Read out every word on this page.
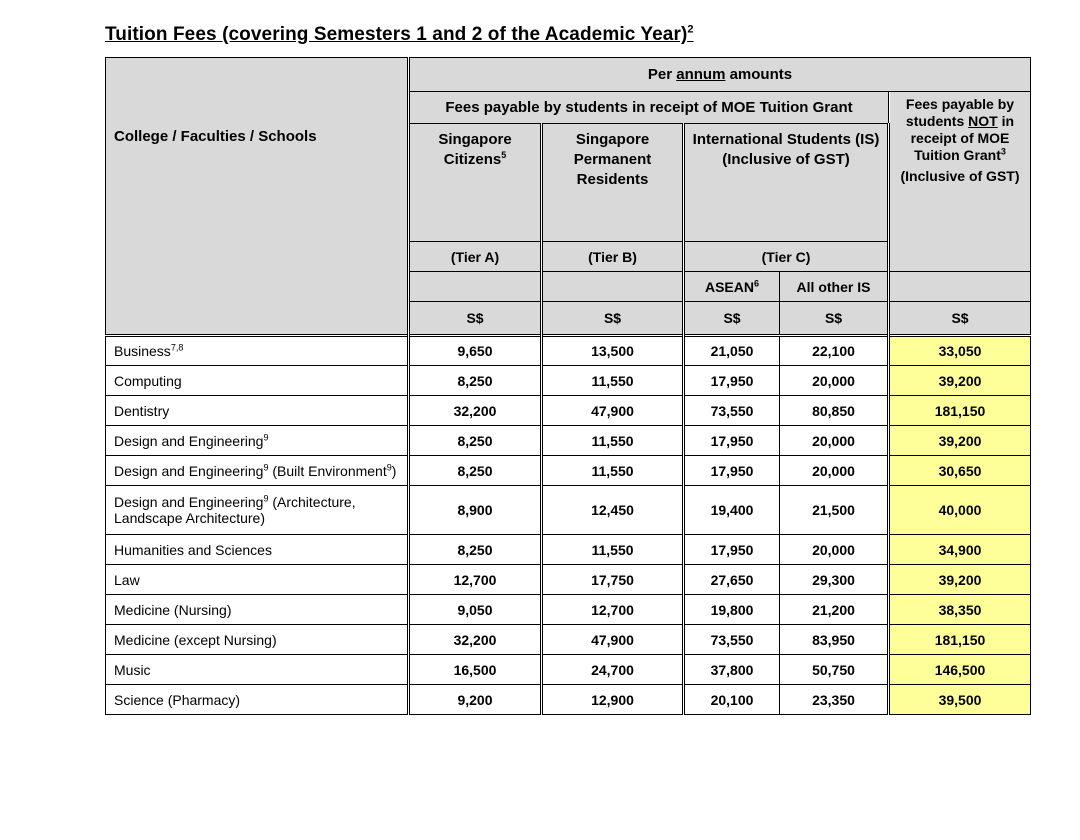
Tuition Fees (covering Semesters 1 and 2 of the Academic Year)$^2$
College / Faculties / Schools	Per annum amounts				
	Fees payable by students in receipt of MOE Tuition Grant				Fees payable by students NOT in receipt of MOE Tuition Grant$^3$

(Inclusive of GST)

	Singapore Citizens$^5$	Singapore Permanent Residents	International Students (IS) (Inclusive of GST)		
	(Tier A)	(Tier B)	(Tier C)		
			ASEAN$^6$	All other IS	
	S$	S$	S$	S$	S$
Business$^{7,8}$	9,650	13,500	21,050	22,100	33,050
Computing	8,250	11,550	17,950	20,000	39,200
Dentistry	32,200	47,900	73,550	80,850	181,150
Design and Engineering$^9$	8,250	11,550	17,950	20,000	39,200
Design and Engineering$^9$ (Built Environment$^9$)	8,250	11,550	17,950	20,000	30,650
Design and Engineering$^9$ (Architecture, Landscape Architecture)	8,900	12,450	19,400	21,500	40,000
Humanities and Sciences	8,250	11,550	17,950	20,000	34,900
Law	12,700	17,750	27,650	29,300	39,200
Medicine (Nursing)	9,050	12,700	19,800	21,200	38,350
Medicine (except Nursing)	32,200	47,900	73,550	83,950	181,150
Music	16,500	24,700	37,800	50,750	146,500
Science (Pharmacy)	9,200	12,900	20,100	23,350	39,500
